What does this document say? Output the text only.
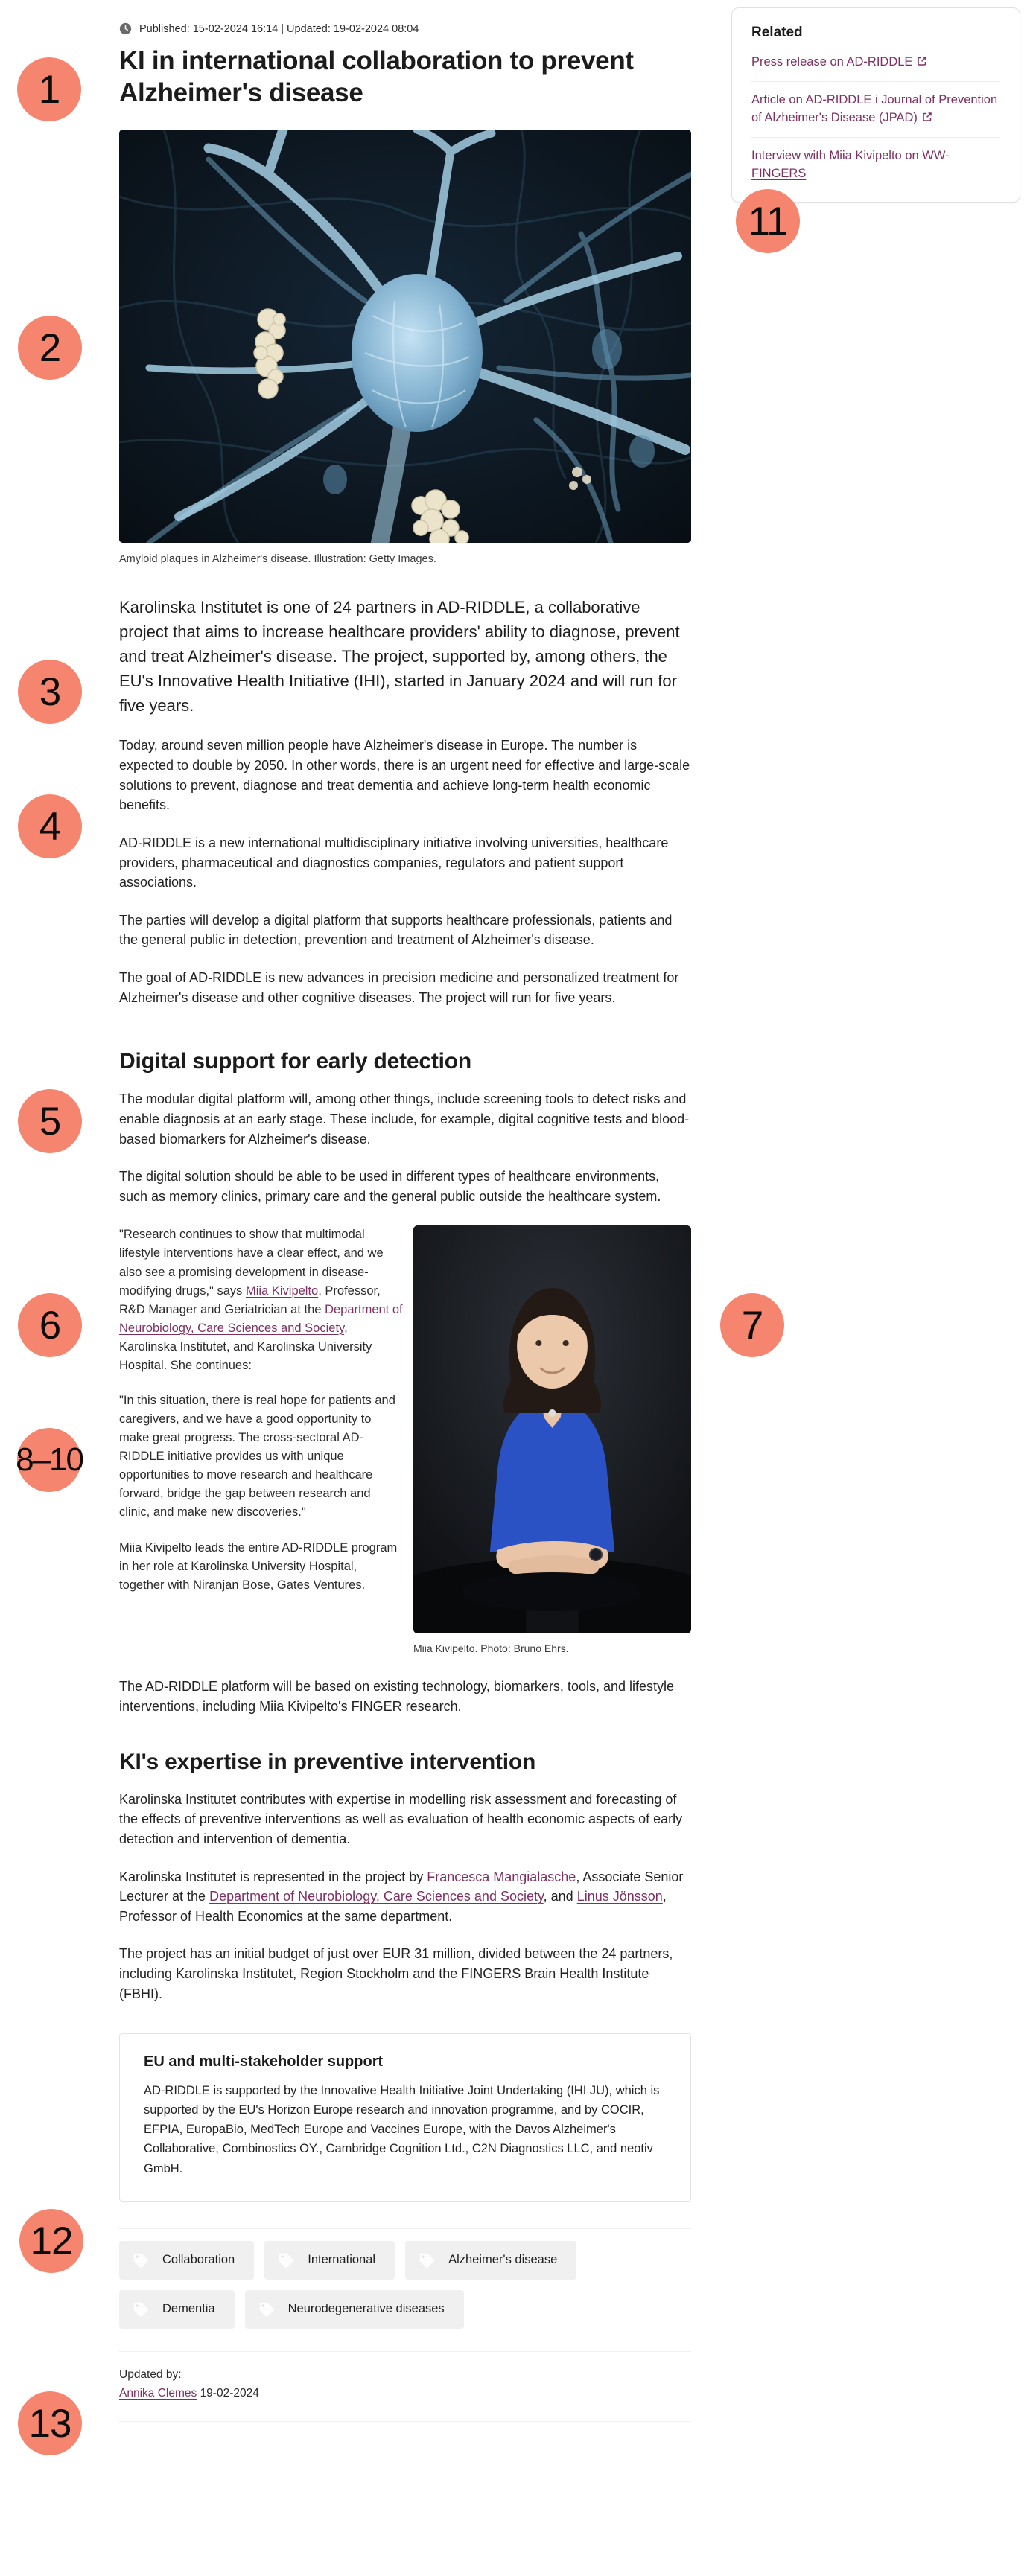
Published: 15-02-2024 16:14 | Updated: 19-02-2024 08:04
KI in international collaboration to prevent Alzheimer's disease
Amyloid plaques in Alzheimer's disease. Illustration: Getty Images.

Karolinska Institutet is one of 24 partners in AD-RIDDLE, a collaborative project that aims to increase healthcare providers' ability to diagnose, prevent and treat Alzheimer's disease. The project, supported by, among others, the EU's Innovative Health Initiative (IHI), started in January 2024 and will run for five years.

Today, around seven million people have Alzheimer's disease in Europe. The number is expected to double by 2050. In other words, there is an urgent need for effective and large-scale solutions to prevent, diagnose and treat dementia and achieve long-term health economic benefits.

AD-RIDDLE is a new international multidisciplinary initiative involving universities, healthcare providers, pharmaceutical and diagnostics companies, regulators and patient support associations.

The parties will develop a digital platform that supports healthcare professionals, patients and the general public in detection, prevention and treatment of Alzheimer's disease.

The goal of AD-RIDDLE is new advances in precision medicine and personalized treatment for Alzheimer's disease and other cognitive diseases. The project will run for five years.

Digital support for early detection

The modular digital platform will, among other things, include screening tools to detect risks and enable diagnosis at an early stage. These include, for example, digital cognitive tests and blood-based biomarkers for Alzheimer's disease.

The digital solution should be able to be used in different types of healthcare environments, such as memory clinics, primary care and the general public outside the healthcare system.

"Research continues to show that multimodal lifestyle interventions have a clear effect, and we also see a promising development in disease-modifying drugs," says Miia Kivipelto, Professor, R&D Manager and Geriatrician at the Department of Neurobiology, Care Sciences and Society, Karolinska Institutet, and Karolinska University Hospital. She continues:

"In this situation, there is real hope for patients and caregivers, and we have a good opportunity to make great progress. The cross-sectoral AD-RIDDLE initiative provides us with unique opportunities to move research and healthcare forward, bridge the gap between research and clinic, and make new discoveries."

Miia Kivipelto leads the entire AD-RIDDLE program in her role at Karolinska University Hospital, together with Niranjan Bose, Gates Ventures.

Miia Kivipelto. Photo: Bruno Ehrs.

The AD-RIDDLE platform will be based on existing technology, biomarkers, tools, and lifestyle interventions, including Miia Kivipelto's FINGER research.

KI's expertise in preventive intervention

Karolinska Institutet contributes with expertise in modelling risk assessment and forecasting of the effects of preventive interventions as well as evaluation of health economic aspects of early detection and intervention of dementia.

Karolinska Institutet is represented in the project by Francesca Mangialasche, Associate Senior Lecturer at the Department of Neurobiology, Care Sciences and Society, and Linus Jönsson, Professor of Health Economics at the same department.

The project has an initial budget of just over EUR 31 million, divided between the 24 partners, including Karolinska Institutet, Region Stockholm and the FINGERS Brain Health Institute (FBHI).

EU and multi-stakeholder support

AD-RIDDLE is supported by the Innovative Health Initiative Joint Undertaking (IHI JU), which is supported by the EU's Horizon Europe research and innovation programme, and by COCIR, EFPIA, EuropaBio, MedTech Europe and Vaccines Europe, with the Davos Alzheimer's Collaborative, Combinostics OY., Cambridge Cognition Ltd., C2N Diagnostics LLC, and neotiv GmbH.

Collaboration	International	Alzheimer's disease
Dementia	Neurodegenerative diseases
Updated by:
Annika Clemes 19-02-2024
Related
Press release on AD-RIDDLE
Article on AD-RIDDLE i Journal of Prevention of Alzheimer's Disease (JPAD)
Interview with Miia Kivipelto on WW-FINGERS
1
2
3
4
5
6	7
8–10
11
12
13
